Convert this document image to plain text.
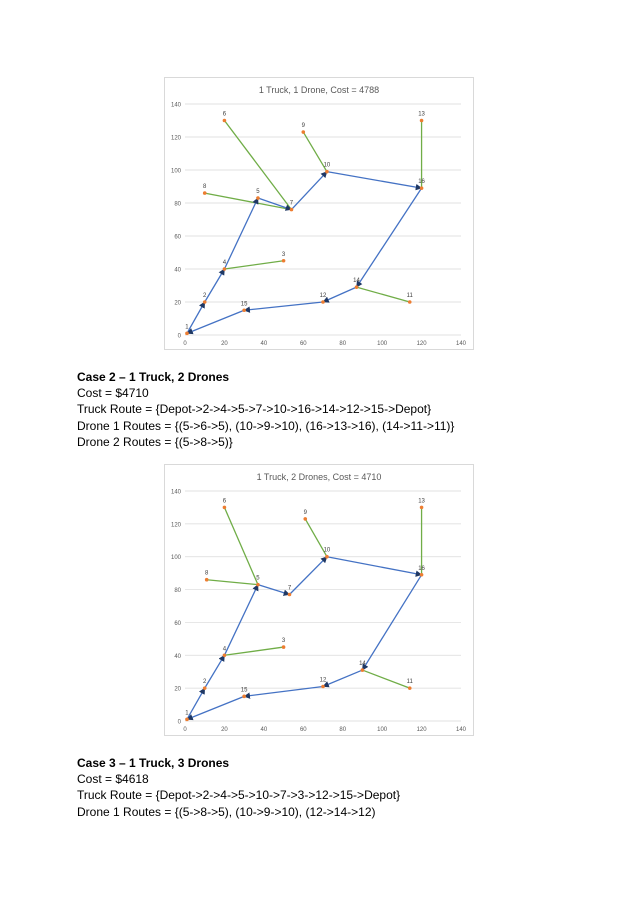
1 Truck, 1 Drone, Cost = 4788
0
20
40
60
80
100
120
140
0	20	40	60	80	100	120	140
1
2
4
5
7
10
16
14
12
15
6
9
8
3
13
11
Case 2 – 1 Truck, 2 Drones
Cost = $4710
Truck Route = {Depot->2->4->5->7->10->16->14->12->15->Depot}
Drone 1 Routes = {(5->6->5), (10->9->10), (16->13->16), (14->11->11)}
Drone 2 Routes = {(5->8->5)}
1 Truck, 2 Drones, Cost = 4710
0
20
40
60
80
100
120
140
0	20	40	60	80	100	120	140
1
2
4
5
7
10
16
14
12
15
6
9
8
3
13
11
Case 3 – 1 Truck, 3 Drones
Cost = $4618
Truck Route = {Depot->2->4->5->10->7->3->12->15->Depot}
Drone 1 Routes = {(5->8->5), (10->9->10), (12->14->12)
